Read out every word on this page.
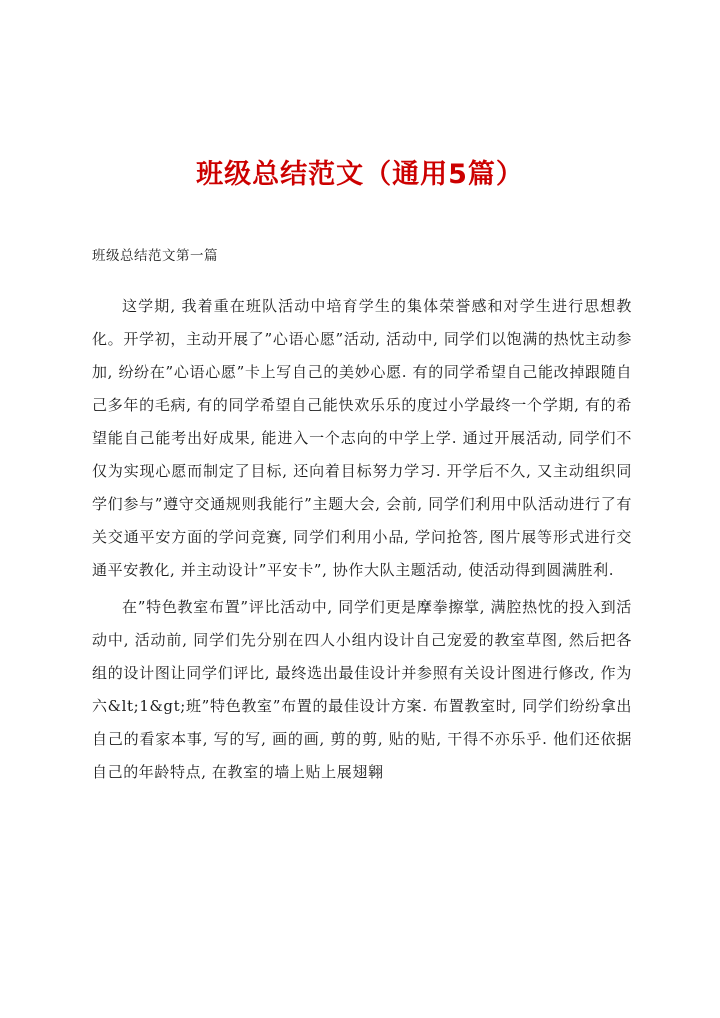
班级总结范文（通用5篇）
班级总结范文第一篇

这学期, 我着重在班队活动中培育学生的集体荣誉感和对学生进行思想教化。开学初，主动开展了”心语心愿”活动, 活动中, 同学们以饱满的热忱主动参加, 纷纷在”心语心愿”卡上写自己的美妙心愿. 有的同学希望自己能改掉跟随自己多年的毛病, 有的同学希望自己能快欢乐乐的度过小学最终一个学期, 有的希望能自己能考出好成果, 能进入一个志向的中学上学. 通过开展活动, 同学们不仅为实现心愿而制定了目标, 还向着目标努力学习. 开学后不久, 又主动组织同学们参与”遵守交通规则我能行”主题大会, 会前, 同学们利用中队活动进行了有关交通平安方面的学问竞赛, 同学们利用小品, 学问抢答, 图片展等形式进行交通平安教化, 并主动设计”平安卡”, 协作大队主题活动, 使活动得到圆满胜利.

在”特色教室布置”评比活动中, 同学们更是摩拳擦掌, 满腔热忱的投入到活动中, 活动前, 同学们先分别在四人小组内设计自己宠爱的教室草图, 然后把各组的设计图让同学们评比, 最终选出最佳设计并参照有关设计图进行修改, 作为六&lt;1&gt;班”特色教室”布置的最佳设计方案. 布置教室时, 同学们纷纷拿出自己的看家本事, 写的写, 画的画, 剪的剪, 贴的贴, 干得不亦乐乎. 他们还依据自己的年龄特点, 在教室的墙上贴上展翅翱
